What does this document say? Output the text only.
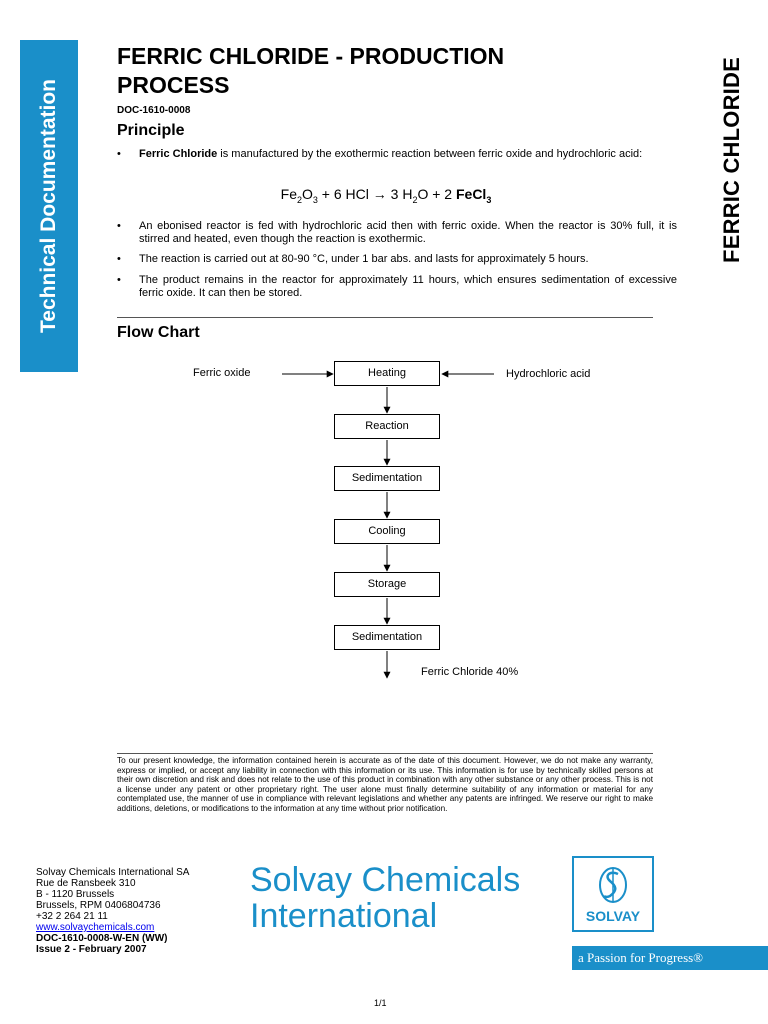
Technical Documentation	FERRIC CHLORIDE
FERRIC CHLORIDE - PRODUCTION
PROCESS
DOC-1610-0008
Principle
• Ferric Chloride is manufactured by the exothermic reaction between ferric oxide and hydrochloric acid:
• An ebonised reactor is fed with hydrochloric acid then with ferric oxide. When the reactor is 30% full, it is stirred and heated, even though the reaction is exothermic.
• The reaction is carried out at 80-90 °C, under 1 bar abs. and lasts for approximately 5 hours.
• The product remains in the reactor for approximately 11 hours, which ensures sedimentation of excessive ferric oxide. It can then be stored.
$Fe_2O_3 + 6$ HCl → 3 $H_2O + 2$ FeCl$_3$
Flow Chart
Ferric oxide	Hydrochloric acid
Heating
Reaction
Sedimentation
Cooling
Storage
Sedimentation
Ferric Chloride 40%
To our present knowledge, the information contained herein is accurate as of the date of this document. However, we do not make any warranty, express or implied, or accept any liability in connection with this information or its use. This information is for use by technically skilled persons at their own discretion and risk and does not relate to the use of this product in combination with any other substance or any other process. This is not a license under any patent or other proprietary right. The user alone must finally determine suitability of any information or material for any contemplated use, the manner of use in compliance with relevant legislations and whether any patents are infringed. We reserve our right to make additions, deletions, or modifications to the information at any time without prior notification.
Solvay Chemicals International SA
Rue de Ransbeek 310
B - 1120 Brussels
Brussels, RPM 0406804736
+32 2 264 21 11
www.solvaychemicals.com
DOC-1610-0008-W-EN (WW)
Issue 2 - February 2007
Solvay Chemicals
International	SOLVAY
a Passion for Progress®
1/1
